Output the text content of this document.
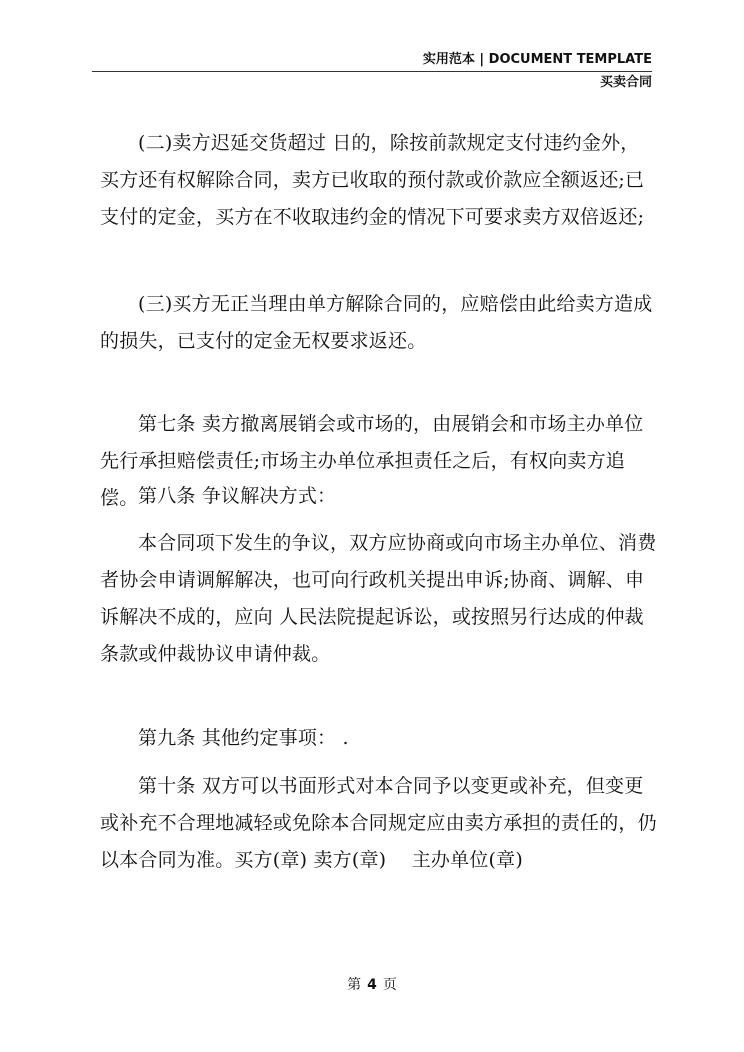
实用范本 | DOCUMENT TEMPLATE
买卖合同

(二)卖方迟延交货超过 日的，除按前款规定支付违约金外，买方还有权解除合同，卖方已收取的预付款或价款应全额返还;已支付的定金，买方在不收取违约金的情况下可要求卖方双倍返还;

(三)买方无正当理由单方解除合同的，应赔偿由此给卖方造成的损失，已支付的定金无权要求返还。

第七条 卖方撤离展销会或市场的，由展销会和市场主办单位先行承担赔偿责任;市场主办单位承担责任之后，有权向卖方追偿。 第八条 争议解决方式：

本合同项下发生的争议，双方应协商或向市场主办单位、消费者协会申请调解解决，也可向行政机关提出申诉;协商、调解、申诉解决不成的，应向 人民法院提起诉讼，或按照另行达成的仲裁条款或仲裁协议申请仲裁。

第九条 其他约定事项： .

第十条 双方可以书面形式对本合同予以变更或补充，但变更或补充不合理地减轻或免除本合同规定应由卖方承担的责任的，仍以本合同为准。买方(章) 卖方(章)　 主办单位(章)

第 4 页
